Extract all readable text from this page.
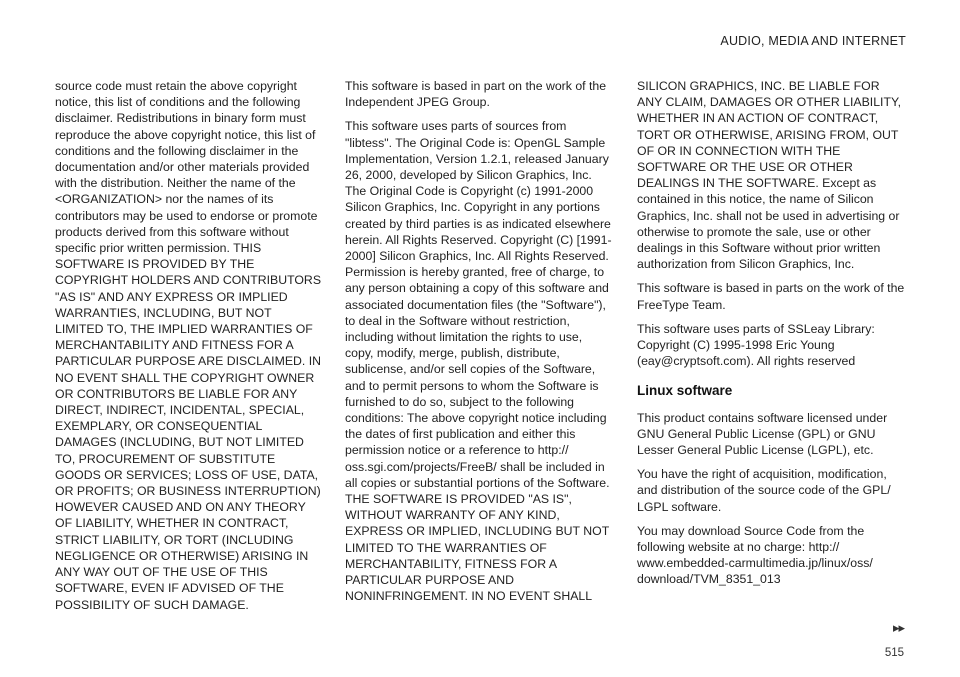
AUDIO, MEDIA AND INTERNET

source code must retain the above copyright notice, this list of conditions and the following disclaimer. Redistributions in binary form must reproduce the above copyright notice, this list of conditions and the following disclaimer in the documentation and/or other materials provided with the distribution. Neither the name of the <ORGANIZATION> nor the names of its contributors may be used to endorse or promote products derived from this software without specific prior written permission. THIS SOFTWARE IS PROVIDED BY THE COPYRIGHT HOLDERS AND CONTRIBUTORS "AS IS" AND ANY EXPRESS OR IMPLIED WARRANTIES, INCLUDING, BUT NOT LIMITED TO, THE IMPLIED WARRANTIES OF MERCHANTABILITY AND FITNESS FOR A PARTICULAR PURPOSE ARE DISCLAIMED. IN NO EVENT SHALL THE COPYRIGHT OWNER OR CONTRIBUTORS BE LIABLE FOR ANY DIRECT, INDIRECT, INCIDENTAL, SPECIAL, EXEMPLARY, OR CONSEQUENTIAL DAMAGES (INCLUDING, BUT NOT LIMITED TO, PROCUREMENT OF SUBSTITUTE GOODS OR SERVICES; LOSS OF USE, DATA, OR PROFITS; OR BUSINESS INTERRUPTION) HOWEVER CAUSED AND ON ANY THEORY OF LIABILITY, WHETHER IN CONTRACT, STRICT LIABILITY, OR TORT (INCLUDING NEGLIGENCE OR OTHERWISE) ARISING IN ANY WAY OUT OF THE USE OF THIS SOFTWARE, EVEN IF ADVISED OF THE POSSIBILITY OF SUCH DAMAGE.

This software is based in part on the work of the Independent JPEG Group.

This software uses parts of sources from "libtess". The Original Code is: OpenGL Sample Implementation, Version 1.2.1, released January 26, 2000, developed by Silicon Graphics, Inc. The Original Code is Copyright (c) 1991-2000 Silicon Graphics, Inc. Copyright in any portions created by third parties is as indicated elsewhere herein. All Rights Reserved. Copyright (C) [1991-2000] Silicon Graphics, Inc. All Rights Reserved. Permission is hereby granted, free of charge, to any person obtaining a copy of this software and associated documentation files (the "Software"), to deal in the Software without restriction, including without limitation the rights to use, copy, modify, merge, publish, distribute, sublicense, and/or sell copies of the Software, and to permit persons to whom the Software is furnished to do so, subject to the following conditions: The above copyright notice including the dates of first publication and either this permission notice or a reference to http:// oss.sgi.com/projects/FreeB/ shall be included in all copies or substantial portions of the Software. THE SOFTWARE IS PROVIDED "AS IS", WITHOUT WARRANTY OF ANY KIND, EXPRESS OR IMPLIED, INCLUDING BUT NOT LIMITED TO THE WARRANTIES OF MERCHANTABILITY, FITNESS FOR A PARTICULAR PURPOSE AND NONINFRINGEMENT. IN NO EVENT SHALL

SILICON GRAPHICS, INC. BE LIABLE FOR ANY CLAIM, DAMAGES OR OTHER LIABILITY, WHETHER IN AN ACTION OF CONTRACT, TORT OR OTHERWISE, ARISING FROM, OUT OF OR IN CONNECTION WITH THE SOFTWARE OR THE USE OR OTHER DEALINGS IN THE SOFTWARE. Except as contained in this notice, the name of Silicon Graphics, Inc. shall not be used in advertising or otherwise to promote the sale, use or other dealings in this Software without prior written authorization from Silicon Graphics, Inc.

This software is based in parts on the work of the FreeType Team.

This software uses parts of SSLeay Library: Copyright (C) 1995-1998 Eric Young (eay@cryptsoft.com). All rights reserved

Linux software

This product contains software licensed under GNU General Public License (GPL) or GNU Lesser General Public License (LGPL), etc.

You have the right of acquisition, modification, and distribution of the source code of the GPL/ LGPL software.

You may download Source Code from the following website at no charge: http:// www.embedded-carmultimedia.jp/linux/oss/ download/TVM_8351_013

▸▸
515
